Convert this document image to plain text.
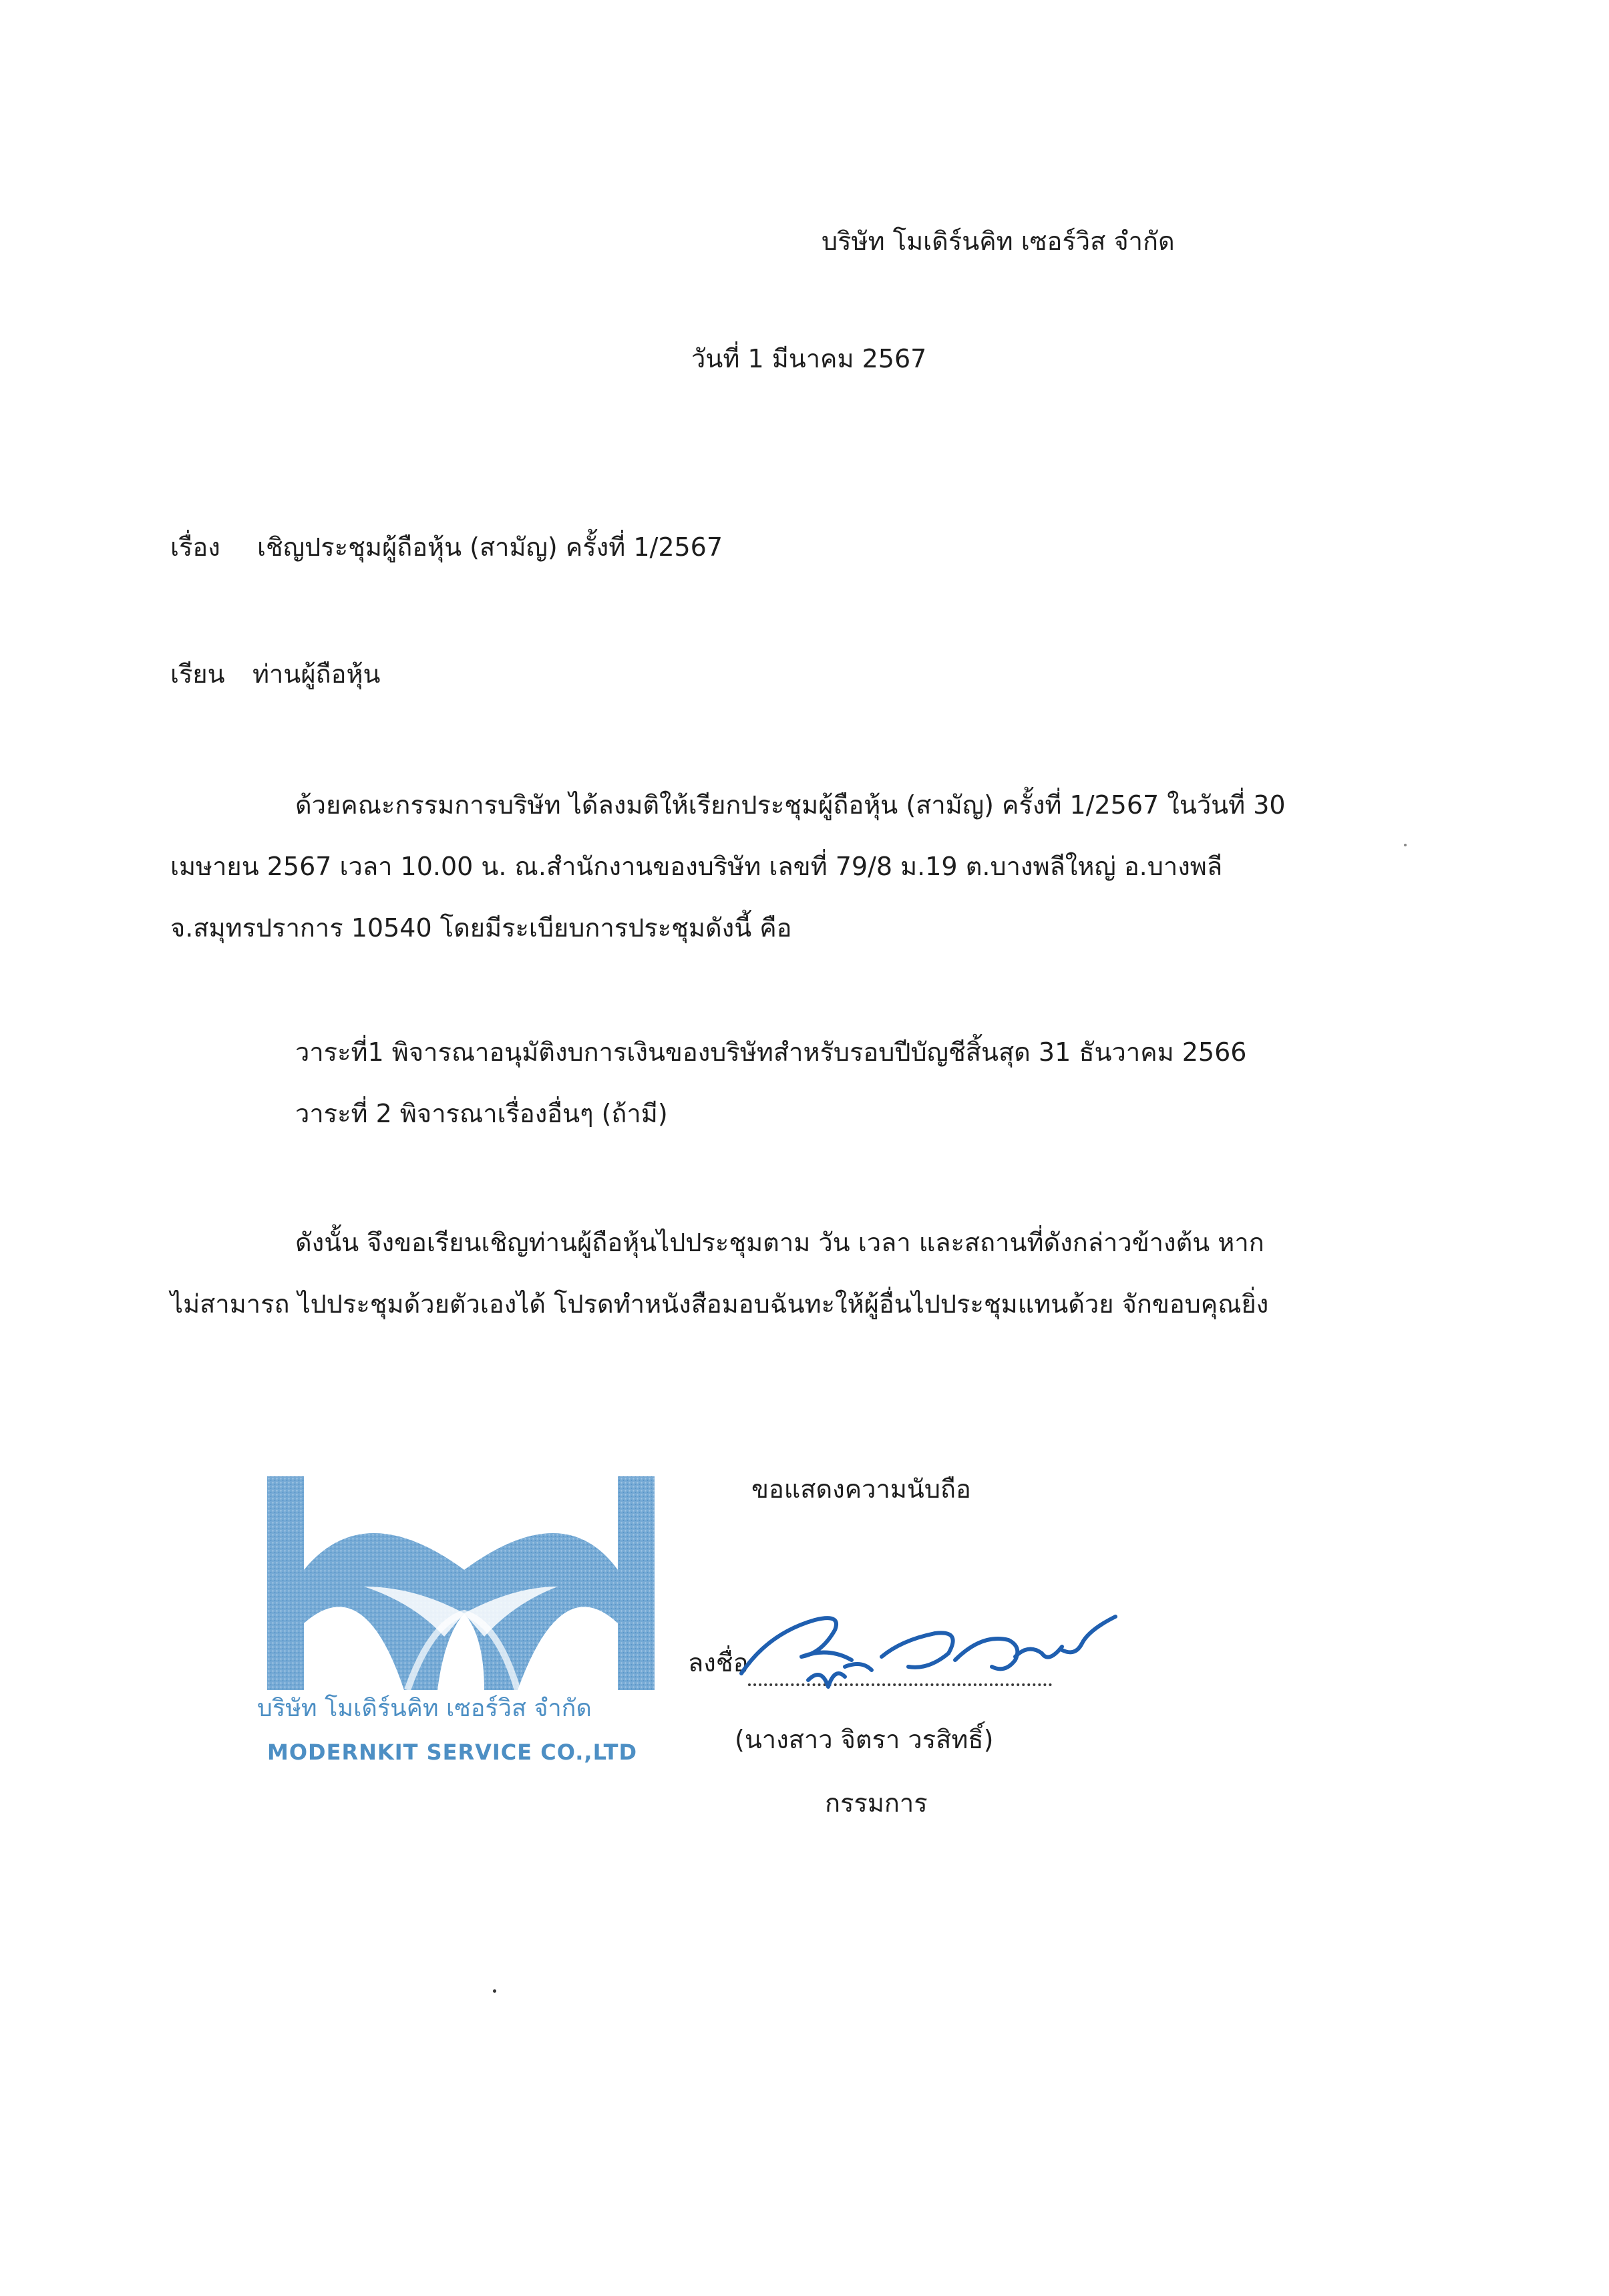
บริษัท โมเดิร์นคิท เซอร์วิส จำกัด
วันที่ 1 มีนาคม 2567
เรื่อง เชิญประชุมผู้ถือหุ้น (สามัญ) ครั้งที่ 1/2567
เรียน ท่านผู้ถือหุ้น
ด้วยคณะกรรมการบริษัท ได้ลงมติให้เรียกประชุมผู้ถือหุ้น (สามัญ) ครั้งที่ 1/2567 ในวันที่ 30
เมษายน 2567 เวลา 10.00 น. ณ.สำนักงานของบริษัท เลขที่ 79/8 ม.19 ต.บางพลีใหญ่ อ.บางพลี
จ.สมุทรปราการ 10540 โดยมีระเบียบการประชุมดังนี้ คือ
วาระที่1 พิจารณาอนุมัติงบการเงินของบริษัทสำหรับรอบปีบัญชีสิ้นสุด 31 ธันวาคม 2566
วาระที่ 2 พิจารณาเรื่องอื่นๆ (ถ้ามี)
ดังนั้น จึงขอเรียนเชิญท่านผู้ถือหุ้นไปประชุมตาม วัน เวลา และสถานที่ดังกล่าวข้างต้น หาก
ไม่สามารถ ไปประชุมด้วยตัวเองได้ โปรดทำหนังสือมอบฉันทะให้ผู้อื่นไปประชุมแทนด้วย จักขอบคุณยิ่ง
ขอแสดงความนับถือ
บริษัท โมเดิร์นคิท เซอร์วิส จำกัด
MODERNKIT SERVICE CO.,LTD
ลงชื่อ
(นางสาว จิตรา วรสิทธิ์)
กรรมการ
